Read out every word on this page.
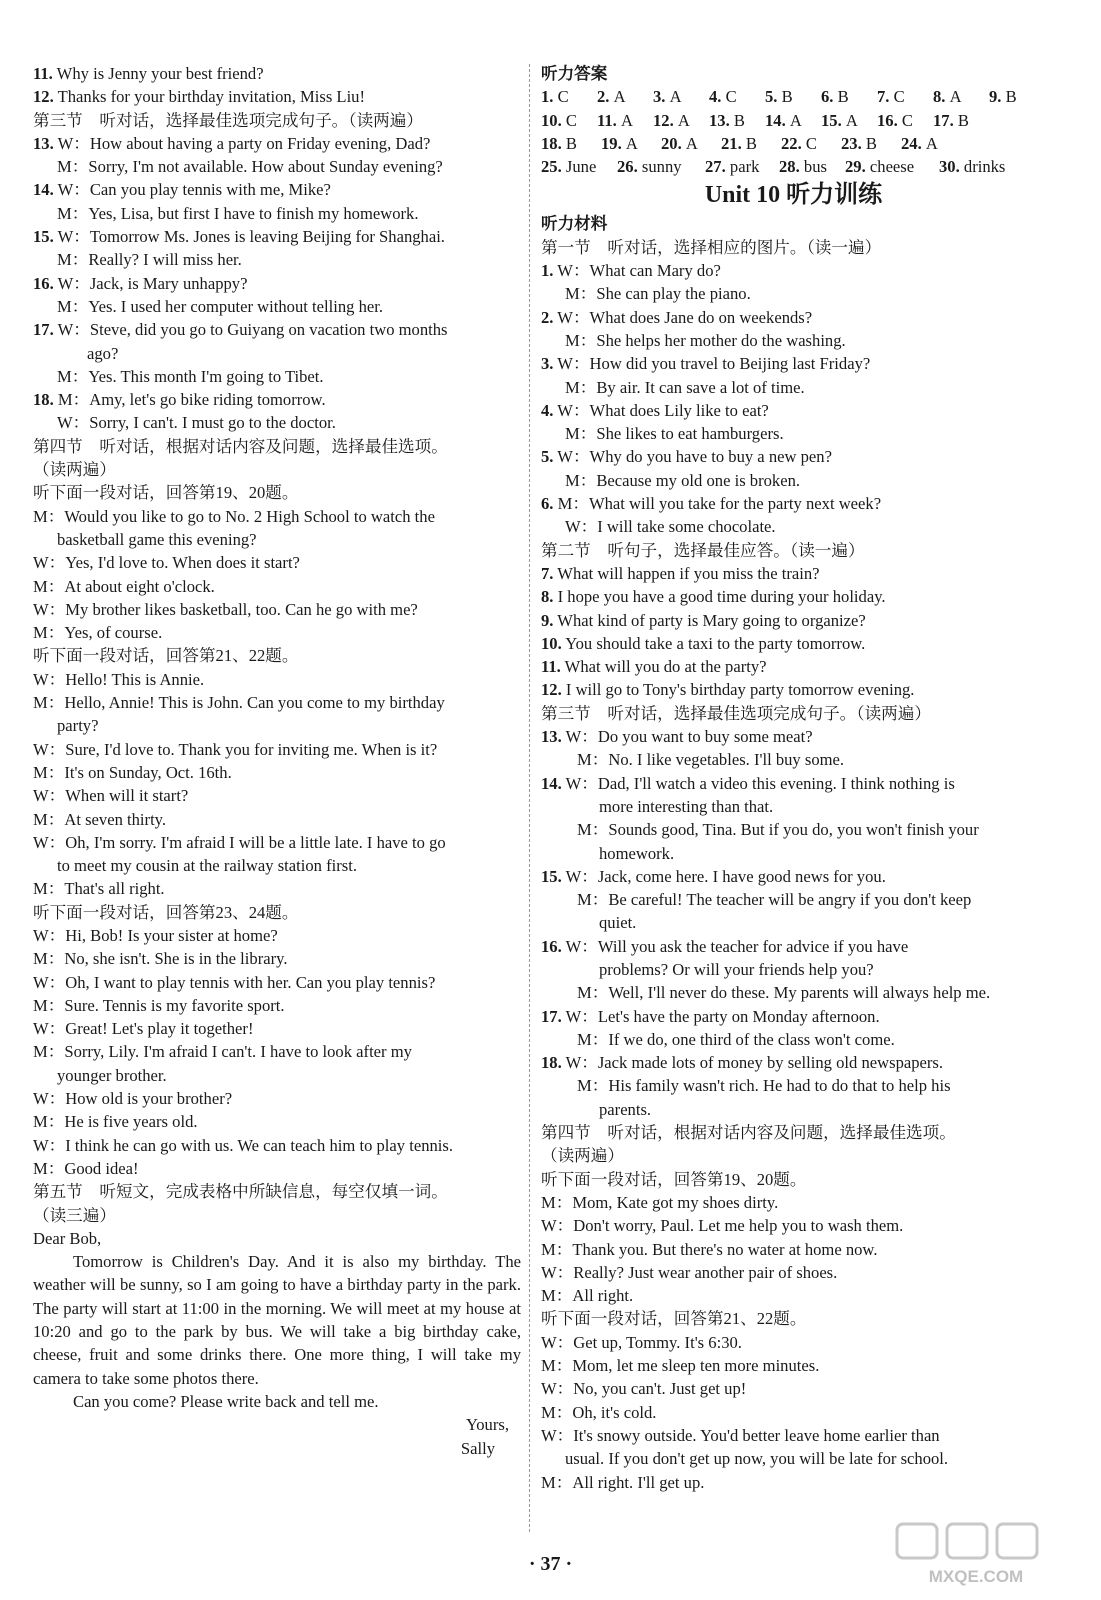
11. Why is Jenny your best friend?
12. Thanks for your birthday invitation, Miss Liu!
第三节　听对话，选择最佳选项完成句子。（读两遍）
13. W：How about having a party on Friday evening, Dad?
M：Sorry, I'm not available. How about Sunday evening?
14. W：Can you play tennis with me, Mike?
M：Yes, Lisa, but first I have to finish my homework.
15. W：Tomorrow Ms. Jones is leaving Beijing for Shanghai.
M：Really? I will miss her.
16. W：Jack, is Mary unhappy?
M：Yes. I used her computer without telling her.
17. W：Steve, did you go to Guiyang on vacation two months
ago?
M：Yes. This month I'm going to Tibet.
18. M：Amy, let's go bike riding tomorrow.
W：Sorry, I can't. I must go to the doctor.
第四节　听对话，根据对话内容及问题，选择最佳选项。
（读两遍）
听下面一段对话，回答第19、20题。
M：Would you like to go to No. 2 High School to watch the
basketball game this evening?
W：Yes, I'd love to. When does it start?
M：At about eight o'clock.
W：My brother likes basketball, too. Can he go with me?
M：Yes, of course.
听下面一段对话，回答第21、22题。
W：Hello! This is Annie.
M：Hello, Annie! This is John. Can you come to my birthday
party?
W：Sure, I'd love to. Thank you for inviting me. When is it?
M：It's on Sunday, Oct. 16th.
W：When will it start?
M：At seven thirty.
W：Oh, I'm sorry. I'm afraid I will be a little late. I have to go
to meet my cousin at the railway station first.
M：That's all right.
听下面一段对话，回答第23、24题。
W：Hi, Bob! Is your sister at home?
M：No, she isn't. She is in the library.
W：Oh, I want to play tennis with her. Can you play tennis?
M：Sure. Tennis is my favorite sport.
W：Great! Let's play it together!
M：Sorry, Lily. I'm afraid I can't. I have to look after my
younger brother.
W：How old is your brother?
M：He is five years old.
W：I think he can go with us. We can teach him to play tennis.
M：Good idea!
第五节　听短文，完成表格中所缺信息，每空仅填一词。
（读三遍）
Dear Bob,
Tomorrow is Children's Day. And it is also my birthday. The weather will be sunny, so I am going to have a birthday party in the park. The party will start at 11:00 in the morning. We will meet at my house at 10:20 and go to the park by bus. We will take a big birthday cake, cheese, fruit and some drinks there. One more thing, I will take my camera to take some photos there.
Can you come? Please write back and tell me.
Yours,
Sally
听力答案
1. C	2. A	3. A	4. C	5. B	6. B	7. C	8. A	9. B
10. C	11. A	12. A	13. B	14. A	15. A	16. C	17. B
18. B	19. A	20. A	21. B	22. C	23. B	24. A
25. June	26. sunny	27. park	28. bus	29. cheese	30. drinks
Unit 10 听力训练
听力材料
第一节　听对话，选择相应的图片。（读一遍）
1. W：What can Mary do?
M：She can play the piano.
2. W：What does Jane do on weekends?
M：She helps her mother do the washing.
3. W：How did you travel to Beijing last Friday?
M：By air. It can save a lot of time.
4. W：What does Lily like to eat?
M：She likes to eat hamburgers.
5. W：Why do you have to buy a new pen?
M：Because my old one is broken.
6. M：What will you take for the party next week?
W：I will take some chocolate.
第二节　听句子，选择最佳应答。（读一遍）
7. What will happen if you miss the train?
8. I hope you have a good time during your holiday.
9. What kind of party is Mary going to organize?
10. You should take a taxi to the party tomorrow.
11. What will you do at the party?
12. I will go to Tony's birthday party tomorrow evening.
第三节　听对话，选择最佳选项完成句子。（读两遍）
13. W：Do you want to buy some meat?
M：No. I like vegetables. I'll buy some.
14. W：Dad, I'll watch a video this evening. I think nothing is
more interesting than that.
M：Sounds good, Tina. But if you do, you won't finish your
homework.
15. W：Jack, come here. I have good news for you.
M：Be careful! The teacher will be angry if you don't keep
quiet.
16. W：Will you ask the teacher for advice if you have
problems? Or will your friends help you?
M：Well, I'll never do these. My parents will always help me.
17. W：Let's have the party on Monday afternoon.
M：If we do, one third of the class won't come.
18. W：Jack made lots of money by selling old newspapers.
M：His family wasn't rich. He had to do that to help his
parents.
第四节　听对话，根据对话内容及问题，选择最佳选项。
（读两遍）
听下面一段对话，回答第19、20题。
M：Mom, Kate got my shoes dirty.
W：Don't worry, Paul. Let me help you to wash them.
M：Thank you. But there's no water at home now.
W：Really? Just wear another pair of shoes.
M：All right.
听下面一段对话，回答第21、22题。
W：Get up, Tommy. It's 6:30.
M：Mom, let me sleep ten more minutes.
W：No, you can't. Just get up!
M：Oh, it's cold.
W：It's snowy outside. You'd better leave home earlier than
usual. If you don't get up now, you will be late for school.
M：All right. I'll get up.
· 37 ·
MXQE.COM
